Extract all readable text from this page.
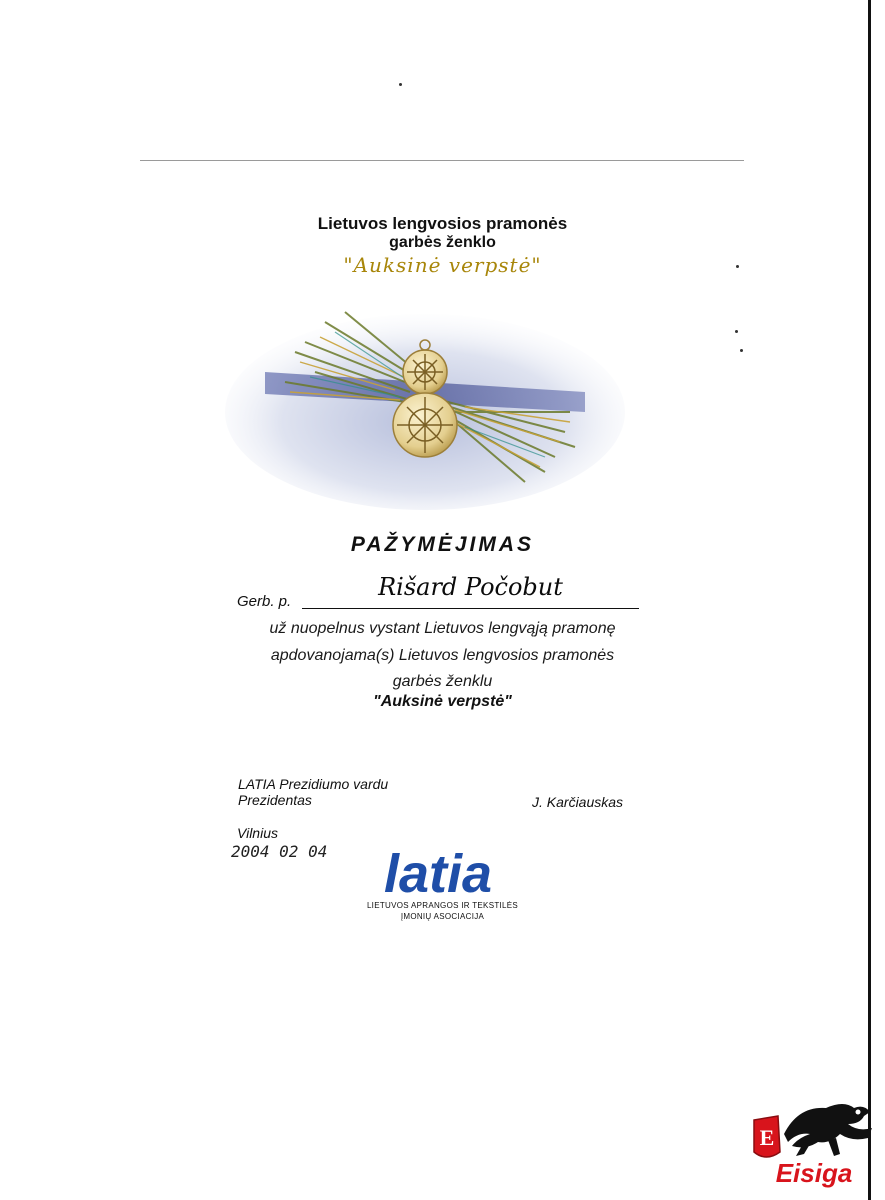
Lietuvos lengvosios pramonės
garbės ženklo
"Auksinė verpstė"
PAŽYMĖJIMAS
Gerb. p.
Rišard Počobut
už nuopelnus vystant Lietuvos lengvąją pramonę
apdovanojama(s) Lietuvos lengvosios pramonės
garbės ženklu
"Auksinė verpstė"
LATIA Prezidiumo vardu
Prezidentas	J. Karčiauskas
Vilnius
2004 02 04 latia
LIETUVOS APRANGOS IR TEKSTILĖS
ĮMONIŲ ASOCIACIJA
E
Eisiga
